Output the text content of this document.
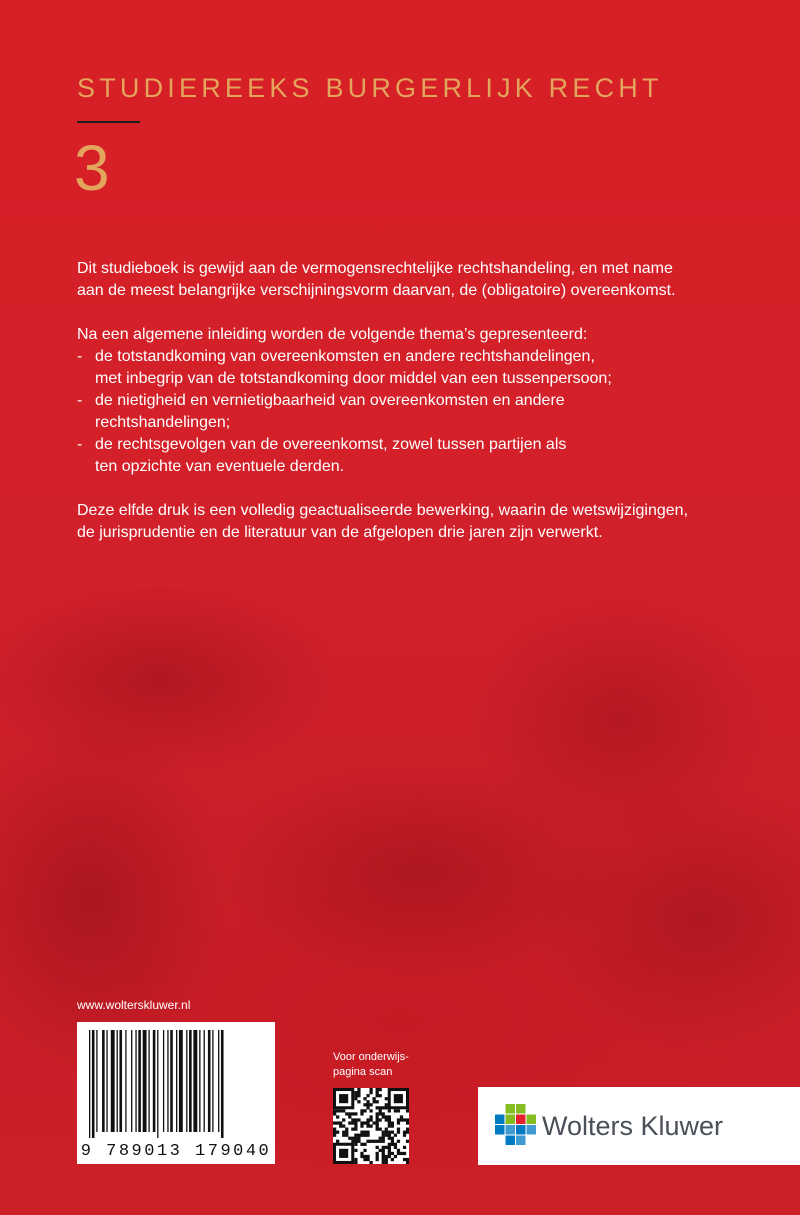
STUDIEREEKS BURGERLIJK RECHT
3

Dit studieboek is gewijd aan de vermogensrechtelijke rechtshandeling, en met name
aan de meest belangrijke verschijningsvorm daarvan, de (obligatoire) overeenkomst.

Na een algemene inleiding worden de volgende thema’s gepresenteerd:

- de totstandkoming van overeenkomsten en andere rechtshandelingen,
met inbegrip van de totstandkoming door middel van een tussenpersoon;
- de nietigheid en vernietigbaarheid van overeenkomsten en andere
rechtshandelingen;
- de rechtsgevolgen van de overeenkomst, zowel tussen partijen als
ten opzichte van eventuele derden.

Deze elfde druk is een volledig geactualiseerde bewerking, waarin de wetswijzigingen,
de jurisprudentie en de literatuur van de afgelopen drie jaren zijn verwerkt.

www.wolterskluwer.nl
9 789013 179040
Voor onderwijs-
pagina scan
Wolters Kluwer
